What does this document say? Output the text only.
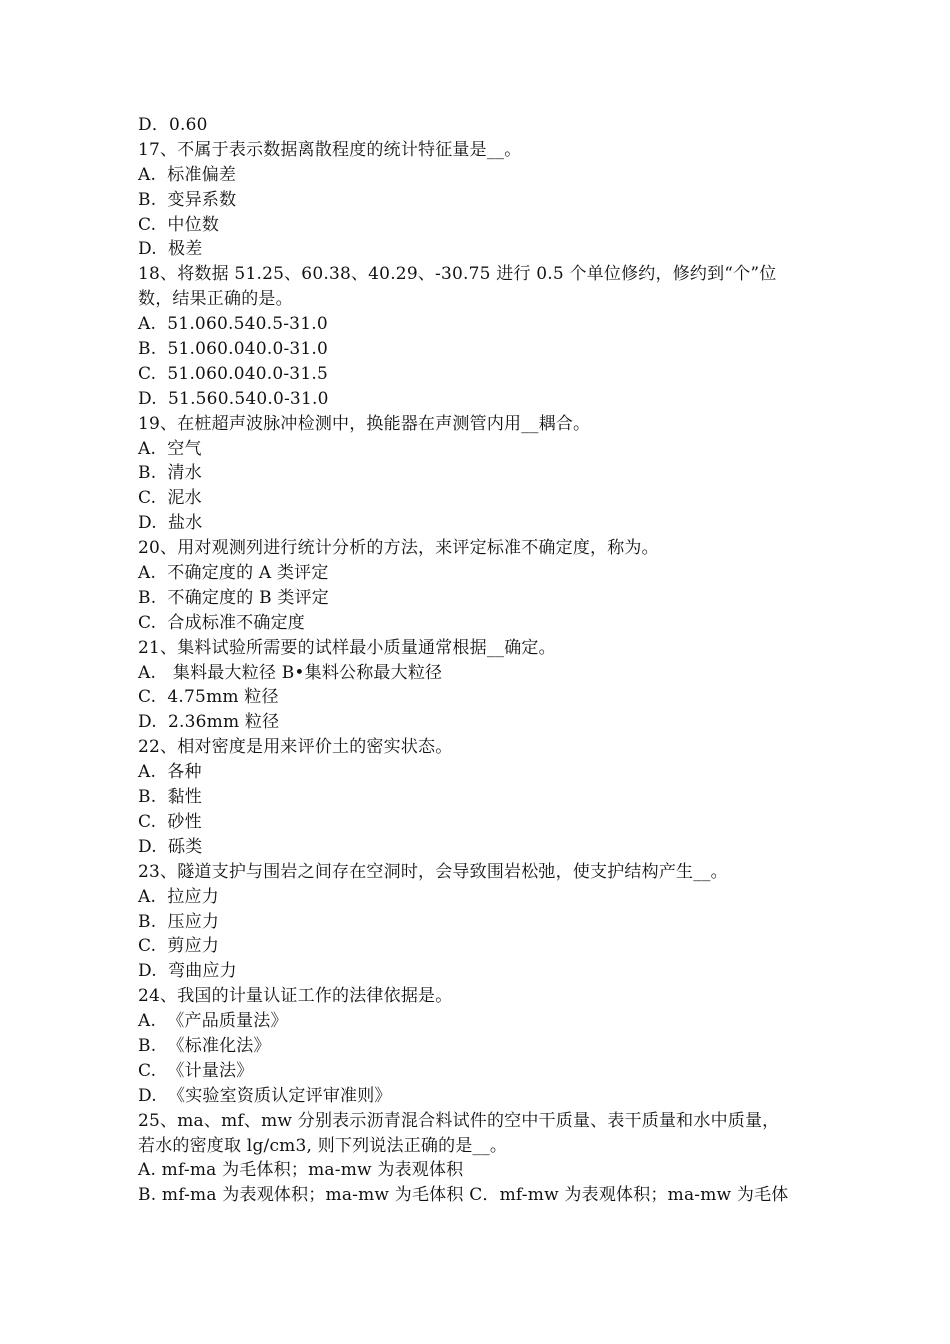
D．0.60
17、不属于表示数据离散程度的统计特征量是__。
A.  标准偏差
B.  变异系数
C.  中位数
D.  极差
18、将数据 51.25、60.38、40.29、-30.75 进行 0.5 个单位修约，修约到“个”位
数，结果正确的是。
A.  51.060.540.5-31.0
B.  51.060.040.0-31.0
C.  51.060.040.0-31.5
D.  51.560.540.0-31.0
19、在桩超声波脉冲检测中，换能器在声测管内用__耦合。
A.  空气
B.  清水
C.  泥水
D.  盐水
20、用对观测列进行统计分析的方法，来评定标准不确定度，称为。
A.  不确定度的 A 类评定
B.  不确定度的 B 类评定
C.  合成标准不确定度
21、集料试验所需要的试样最小质量通常根据__确定。
A.   集料最大粒径 B•集料公称最大粒径
C.  4.75mm 粒径
D.  2.36mm 粒径
22、相对密度是用来评价土的密实状态。
A.  各种
B.  黏性
C.  砂性
D.  砾类
23、隧道支护与围岩之间存在空洞时，会导致围岩松弛，使支护结构产生__。
A.  拉应力
B.  压应力
C.  剪应力
D.  弯曲应力
24、我国的计量认证工作的法律依据是。
A.  《产品质量法》
B.  《标准化法》
C.  《计量法》
D.  《实验室资质认定评审准则》
25、ma、mf、mw 分别表示沥青混合料试件的空中干质量、表干质量和水中质量，
若水的密度取 lg/cm3, 则下列说法正确的是__。
A. mf-ma 为毛体积；ma-mw 为表观体积
B. mf-ma 为表观体积；ma-mw 为毛体积 C．mf-mw 为表观体积；ma-mw 为毛体
